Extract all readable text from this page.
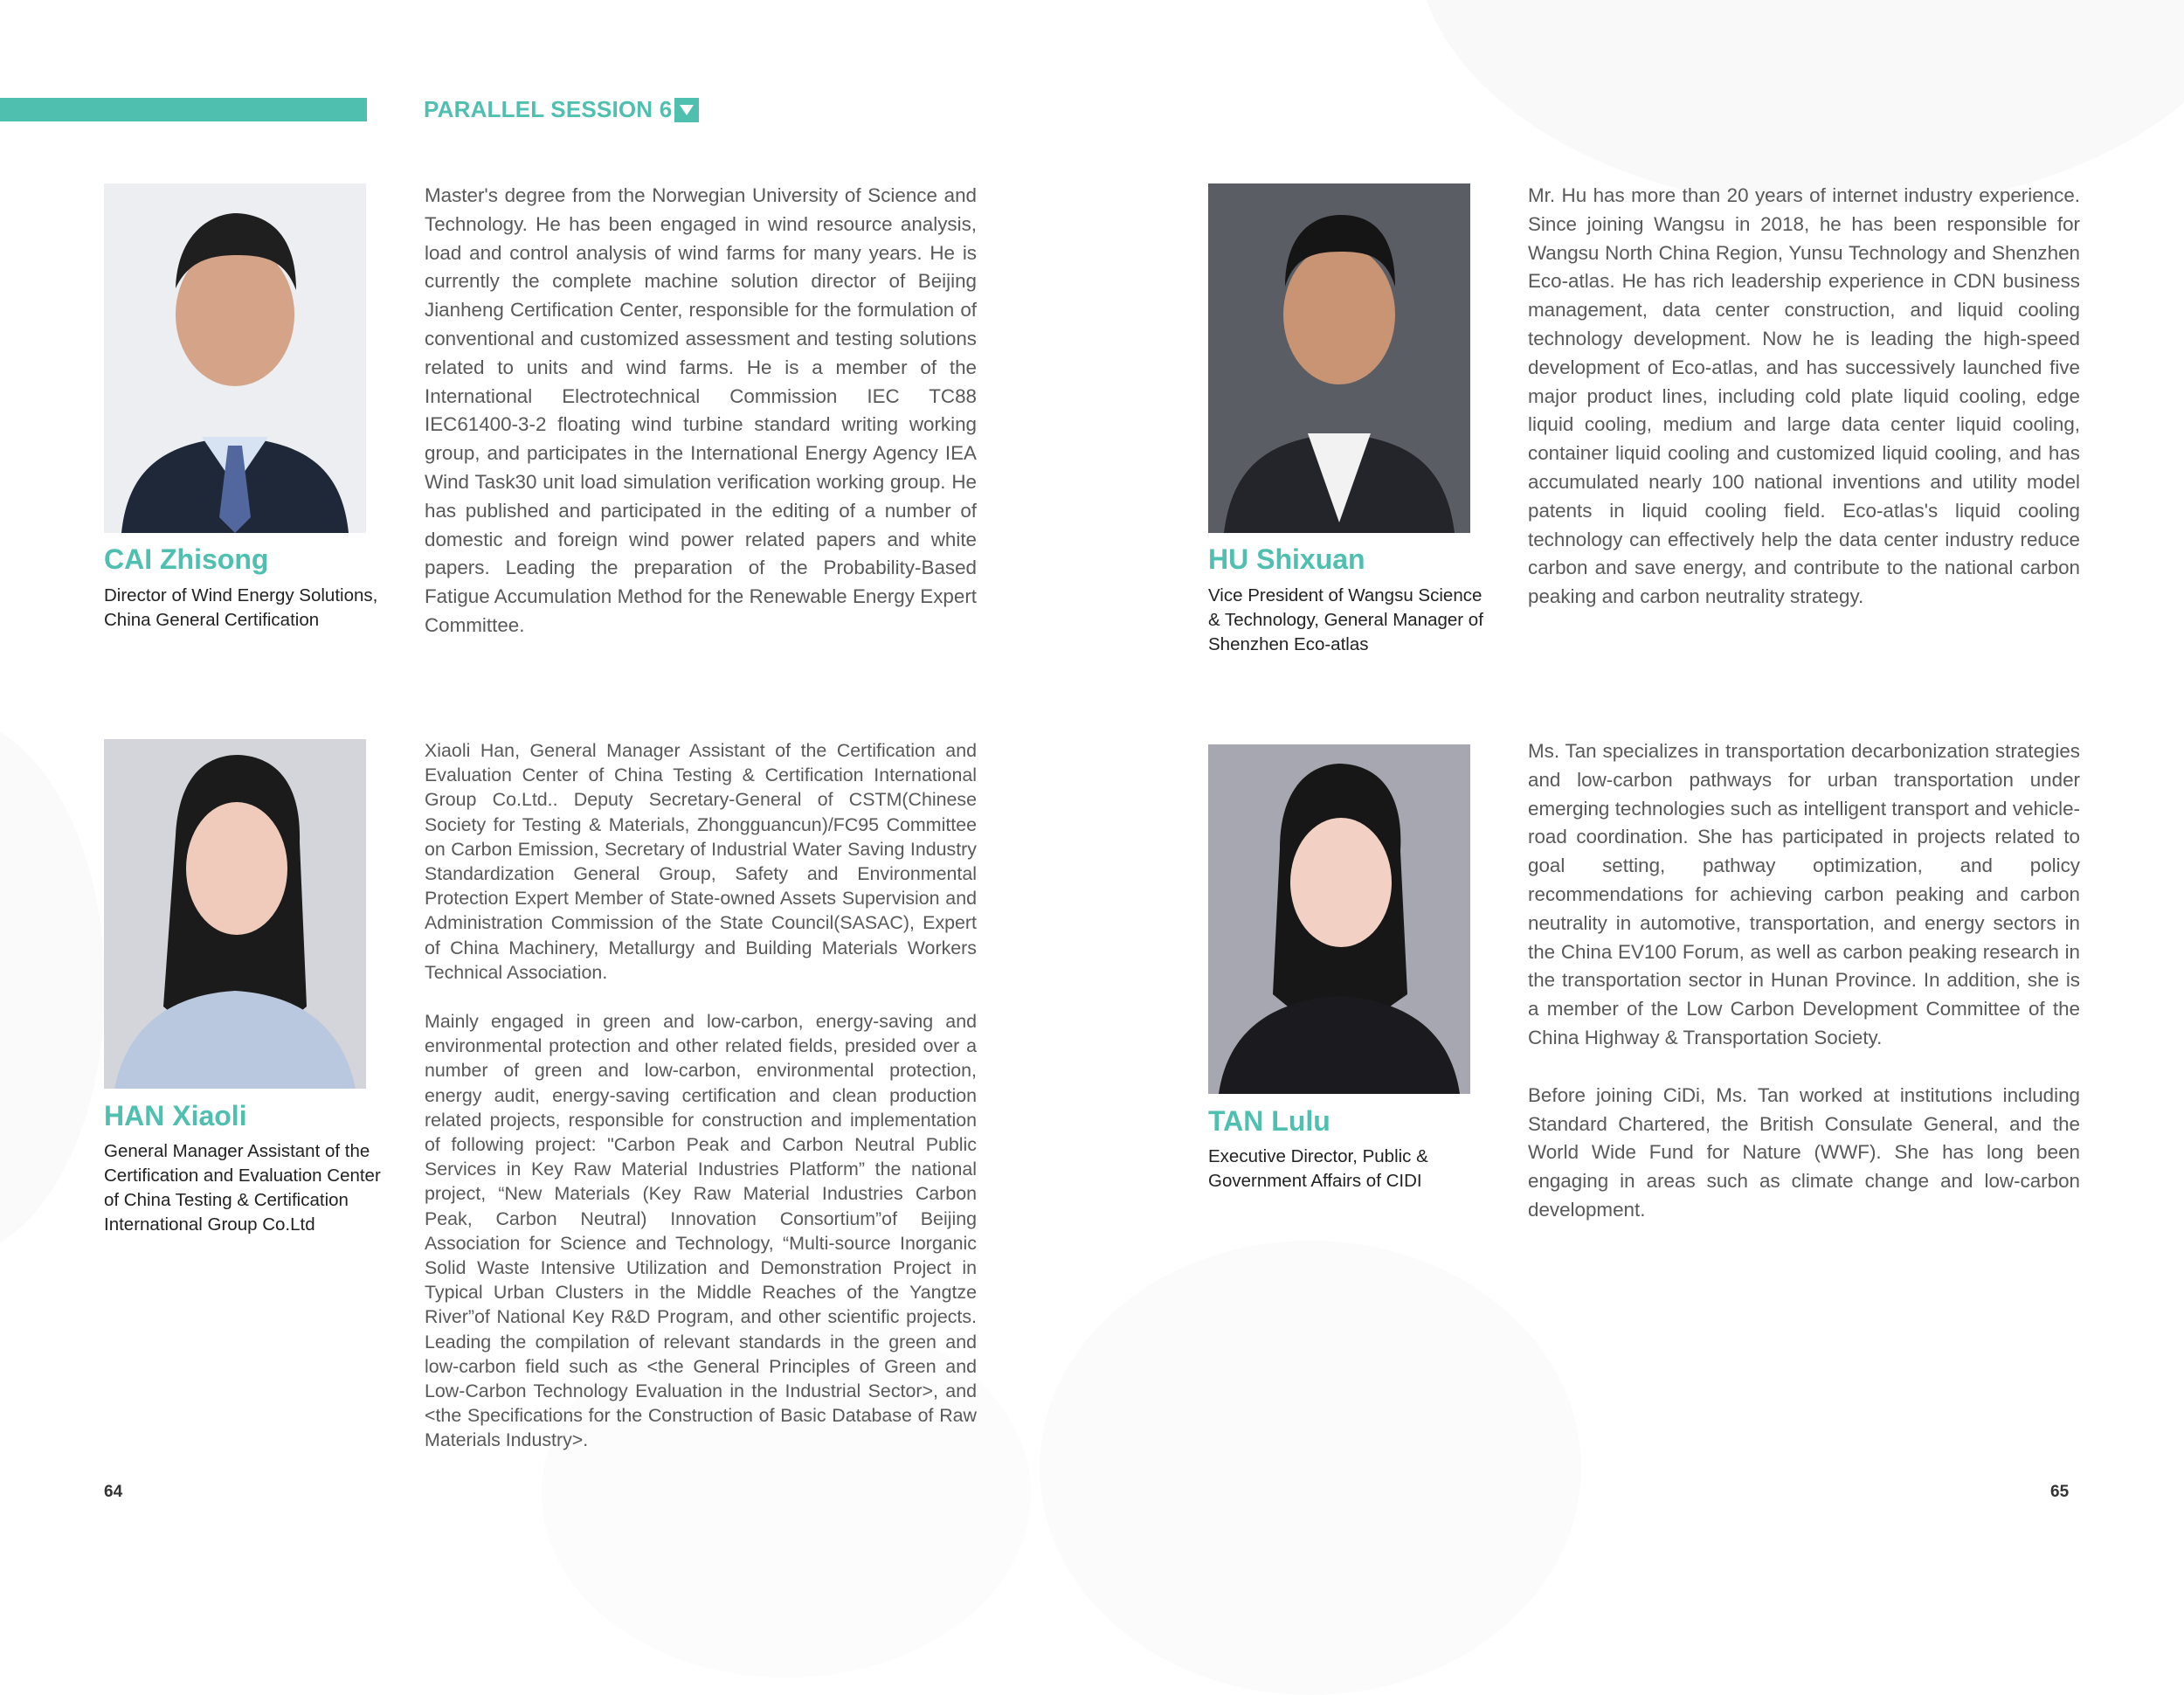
PARALLEL SESSION 6
CAI Zhisong
Director of Wind Energy Solutions, China General Certification

Master's degree from the Norwegian University of Science and Technology. He has been engaged in wind resource analysis, load and control analysis of wind farms for many years. He is currently the complete machine solution director of Beijing Jianheng Certification Center, responsible for the formulation of conventional and customized assessment and testing solutions related to units and wind farms. He is a member of the International Electrotechnical Commission IEC TC88 IEC61400-3-2 floating wind turbine standard writing working group, and participates in the International Energy Agency IEA Wind Task30 unit load simulation verification working group. He has published and participated in the editing of a number of domestic and foreign wind power related papers and white papers. Leading the preparation of the Probability-Based Fatigue Accumulation Method for the Renewable Energy Expert Committee.

HU Shixuan
Vice President of Wangsu Science & Technology, General Manager of Shenzhen Eco-atlas

Mr. Hu has more than 20 years of internet industry experience. Since joining Wangsu in 2018, he has been responsible for Wangsu North China Region, Yunsu Technology and Shenzhen Eco-atlas. He has rich leadership experience in CDN business management, data center construction, and liquid cooling technology development. Now he is leading the high-speed development of Eco-atlas, and has successively launched five major product lines, including cold plate liquid cooling, edge liquid cooling, medium and large data center liquid cooling, container liquid cooling and customized liquid cooling, and has accumulated nearly 100 national inventions and utility model patents in liquid cooling field. Eco-atlas's liquid cooling technology can effectively help the data center industry reduce carbon and save energy, and contribute to the national carbon peaking and carbon neutrality strategy.

HAN Xiaoli
General Manager Assistant of the Certification and Evaluation Center of China Testing & Certification International Group Co.Ltd

Xiaoli Han, General Manager Assistant of the Certification and Evaluation Center of China Testing & Certification International Group Co.Ltd.. Deputy Secretary-General of CSTM(Chinese Society for Testing & Materials, Zhongguancun)/FC95 Committee on Carbon Emission, Secretary of Industrial Water Saving Industry Standardization General Group, Safety and Environmental Protection Expert Member of State-owned Assets Supervision and Administration Commission of the State Council(SASAC), Expert of China Machinery, Metallurgy and Building Materials Workers Technical Association.

Mainly engaged in green and low-carbon, energy-saving and environmental protection and other related fields, presided over a number of green and low-carbon, environmental protection, energy audit, energy-saving certification and clean production related projects, responsible for construction and implementation of following project: "Carbon Peak and Carbon Neutral Public Services in Key Raw Material Industries Platform” the national project, “New Materials (Key Raw Material Industries Carbon Peak, Carbon Neutral) Innovation Consortium”of Beijing Association for Science and Technology, “Multi-source Inorganic Solid Waste Intensive Utilization and Demonstration Project in Typical Urban Clusters in the Middle Reaches of the Yangtze River”of National Key R&D Program, and other scientific projects. Leading the compilation of relevant standards in the green and low-carbon field such as <the General Principles of Green and Low-Carbon Technology Evaluation in the Industrial Sector>, and <the Specifications for the Construction of Basic Database of Raw Materials Industry>.

TAN Lulu
Executive Director, Public & Government Affairs of CIDI

Ms. Tan specializes in transportation decarbonization strategies and low-carbon pathways for urban transportation under emerging technologies such as intelligent transport and vehicle-road coordination. She has participated in projects related to goal setting, pathway optimization, and policy recommendations for achieving carbon peaking and carbon neutrality in automotive, transportation, and energy sectors in the China EV100 Forum, as well as carbon peaking research in the transportation sector in Hunan Province. In addition, she is a member of the Low Carbon Development Committee of the China Highway & Transportation Society.

Before joining CiDi, Ms. Tan worked at institutions including Standard Chartered, the British Consulate General, and the World Wide Fund for Nature (WWF). She has long been engaging in areas such as climate change and low-carbon development.

64	65
